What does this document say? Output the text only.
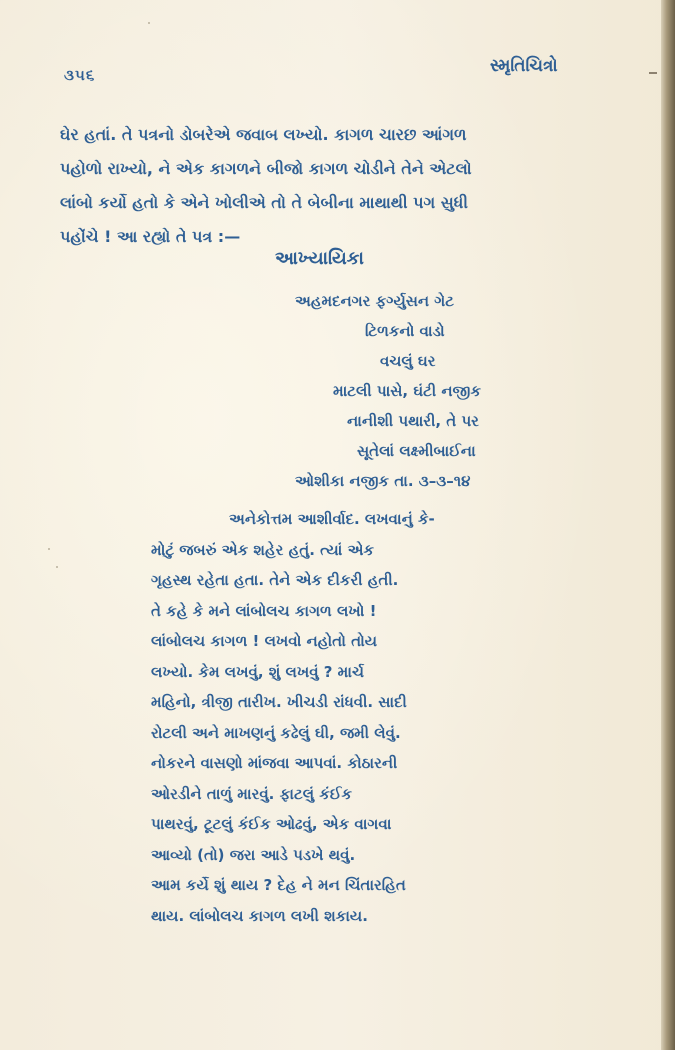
૩૫૬	સ્મૃતિચિત્રો
ઘેર હતાં. તે પત્રનો ડોબરેએ જવાબ લખ્યો. કાગળ ચારછ આંગળ
પહોળો રાખ્યો, ને એક કાગળને બીજો કાગળ ચોડીને તેને એટલો
લાંબો કર્યો હતો કે એને ખોલીએ તો તે બેબીના માથાથી પગ સુધી
પહોંચે ! આ રહ્યો તે પત્ર :—
આખ્યાયિકા
અહમદનગર ફર્ગ્યુસન ગેટ
ટિળકનો વાડો
વચલું ઘર
માટલી પાસે, ઘંટી નજીક
નાનીશી પથારી, તે પર
સૂતેલાં લક્ષ્મીબાઈના
ઓશીકા નજીક તા. ૩–૩–૧૪
અનેકોત્તમ આશીર્વાદ. લખવાનું કે-
મોટું જબરું એક શહેર હતું. ત્યાં એક
ગૃહસ્થ રહેતા હતા. તેને એક દીકરી હતી.
તે કહે કે મને લાંબોલચ કાગળ લખો !
લાંબોલચ કાગળ ! લખવો નહોતો તોય
લખ્યો. કેમ લખવું, શું લખવું ? માર્ચ
મહિનો, ત્રીજી તારીખ. ખીચડી રાંધવી. સાદી
રોટલી અને માખણનું કઢેલું ઘી, જમી લેવું.
નોકરને વાસણો માંજવા આપવાં. કોઠારની
ઓરડીને તાળું મારવું. ફાટલું કંઈક
પાથરવું, ટૂટલું કંઈક ઓઢવું, એક વાગવા
આવ્યો (તો) જરા આડે પડખે થવું.
આમ કર્યે શું થાય ? દેહ ને મન ચિંતારહિત
થાય. લાંબોલચ કાગળ લખી શકાય.
